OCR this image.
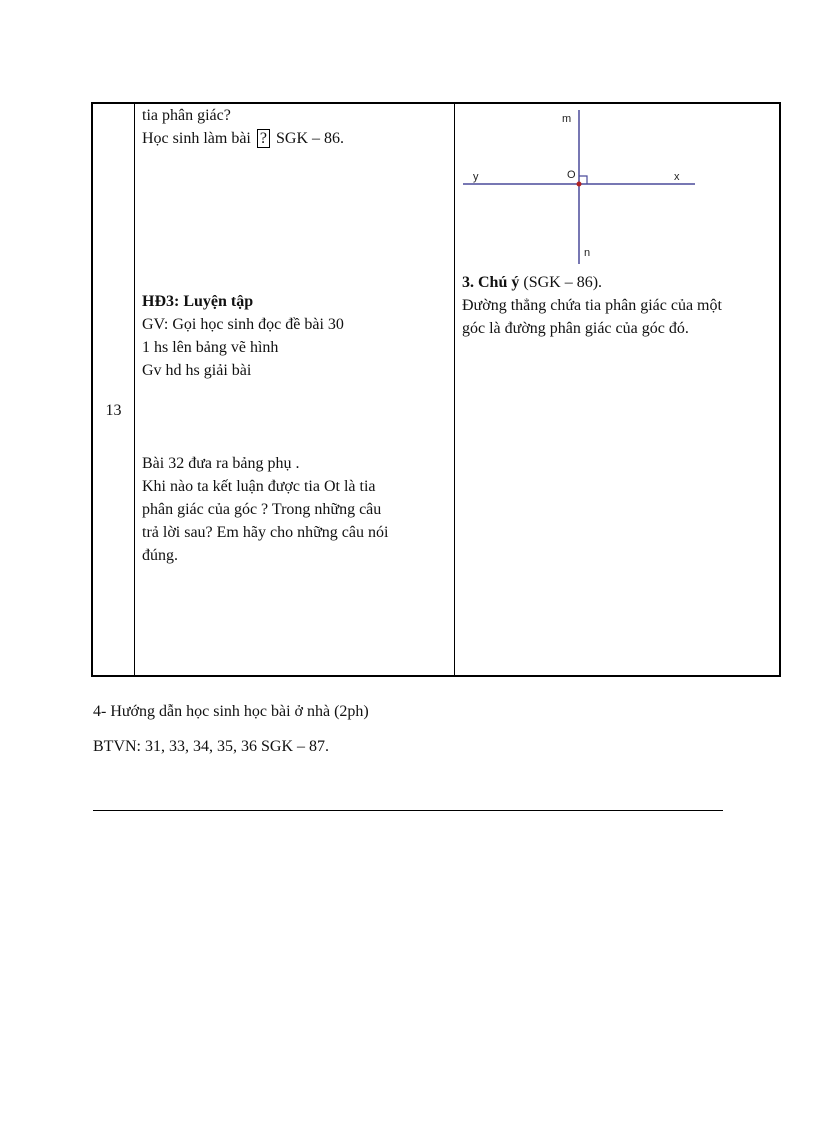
13
tia phân giác?
Học sinh làm bài ? SGK – 86.
HĐ3: Luyện tập
GV: Gọi học sinh đọc đề bài 30
1 hs lên bảng vẽ hình
Gv hd hs giải bài
Bài 32 đưa ra bảng phụ .
Khi nào ta kết luận được tia Ot là tia
phân giác của góc ? Trong những câu
trả lời sau? Em hãy cho những câu nói
đúng.
m
O
y	x
n
3. Chú ý (SGK – 86).
Đường thẳng chứa tia phân giác của một
góc là đường phân giác của góc đó.
4- Hướng dẫn học sinh học bài ở nhà (2ph)
BTVN: 31, 33, 34, 35, 36 SGK – 87.
